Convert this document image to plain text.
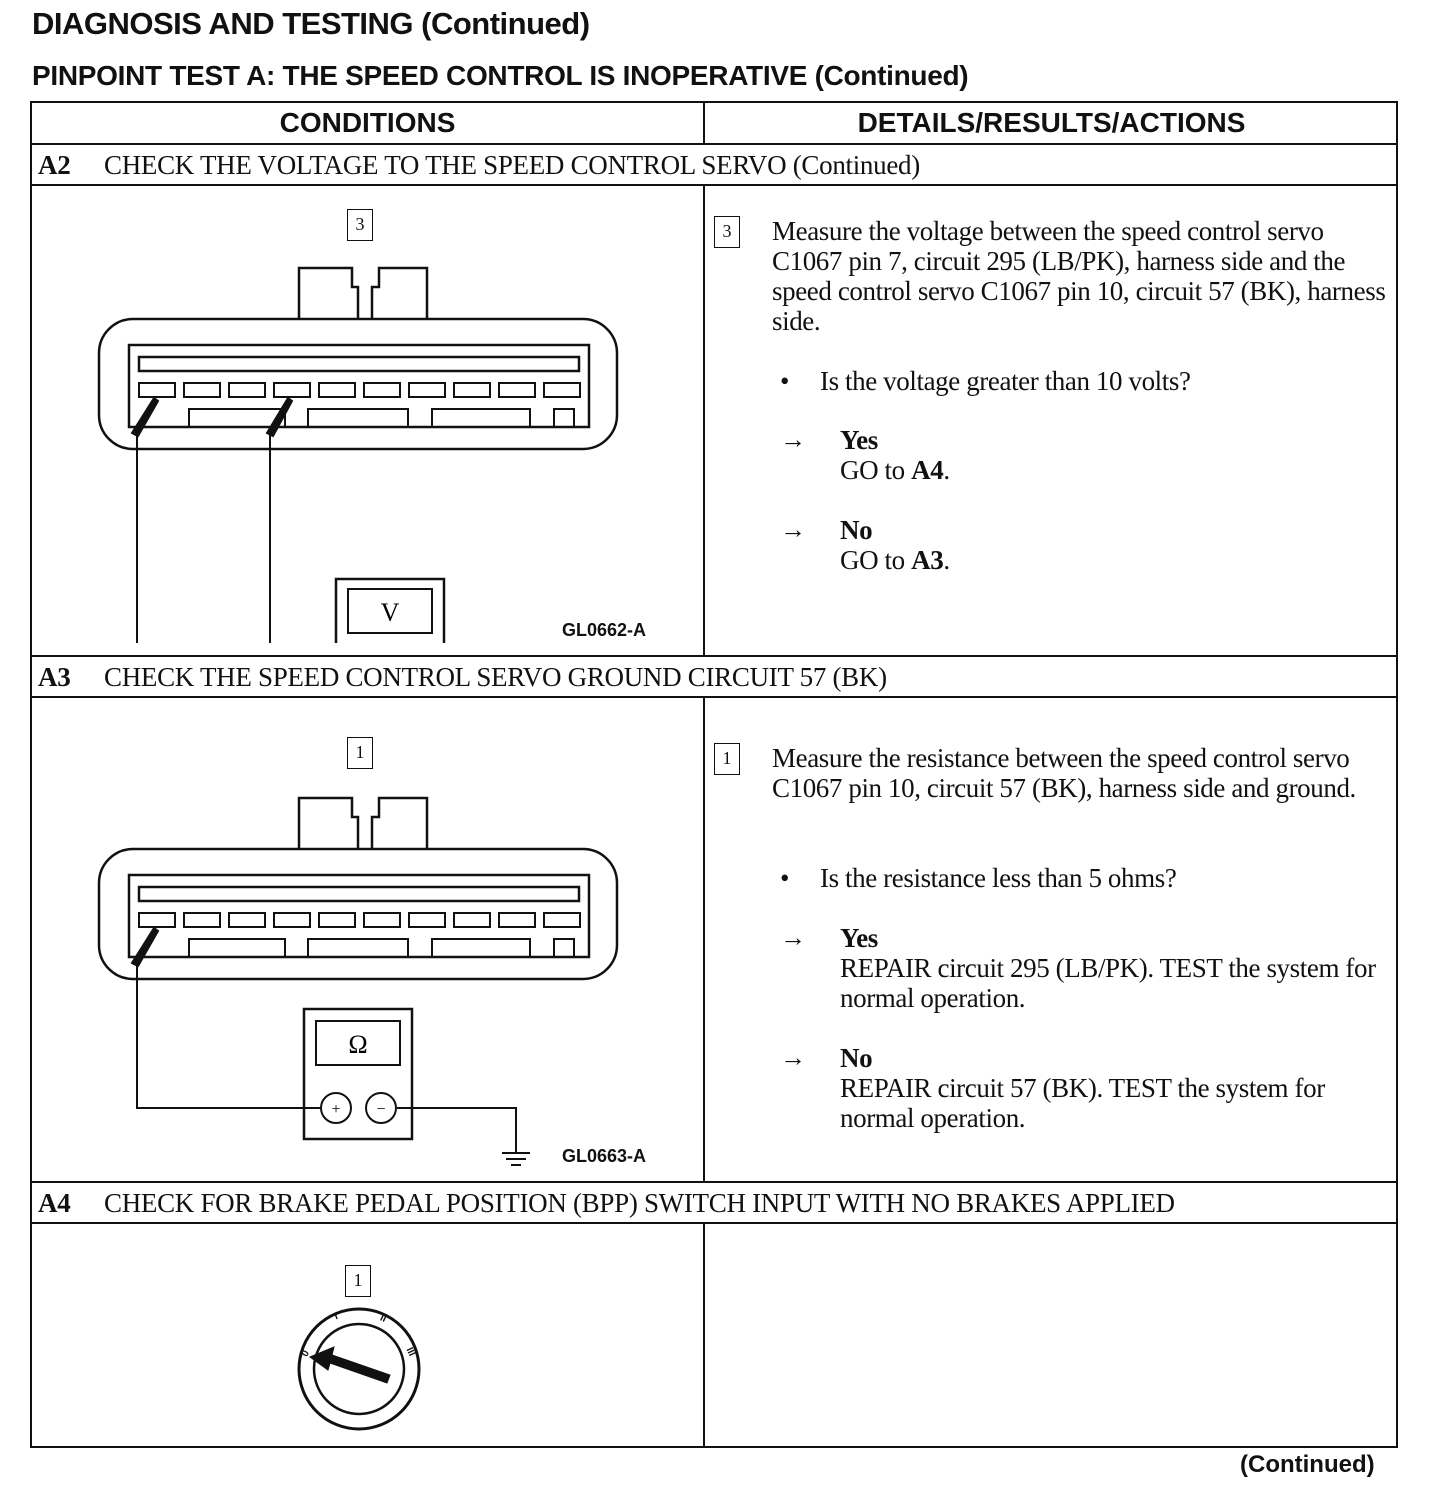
DIAGNOSIS AND TESTING (Continued)
PINPOINT TEST A: THE SPEED CONTROL IS INOPERATIVE (Continued)
CONDITIONS	DETAILS/RESULTS/ACTIONS
A2 CHECK THE VOLTAGE TO THE SPEED CONTROL SERVO (Continued)
3
V
GL0662-A
3	Measure the voltage between the speed control servo C1067 pin 7, circuit 295 (LB/PK), harness side and the speed control servo C1067 pin 10, circuit 57 (BK), harness side.
• Is the voltage greater than 10 volts?
→ Yes
GO to A4.
→ No
GO to A3.
A3 CHECK THE SPEED CONTROL SERVO GROUND CIRCUIT 57 (BK)
1
+ −
Ω
GL0663-A
1	Measure the resistance between the speed control servo C1067 pin 10, circuit 57 (BK), harness side and ground.
• Is the resistance less than 5 ohms?
→ Yes
REPAIR circuit 295 (LB/PK). TEST the system for normal operation.
→ No
REPAIR circuit 57 (BK). TEST the system for normal operation.
A4 CHECK FOR BRAKE PEDAL POSITION (BPP) SWITCH INPUT WITH NO BRAKES APPLIED
1
0
I	II
III
(Continued)
